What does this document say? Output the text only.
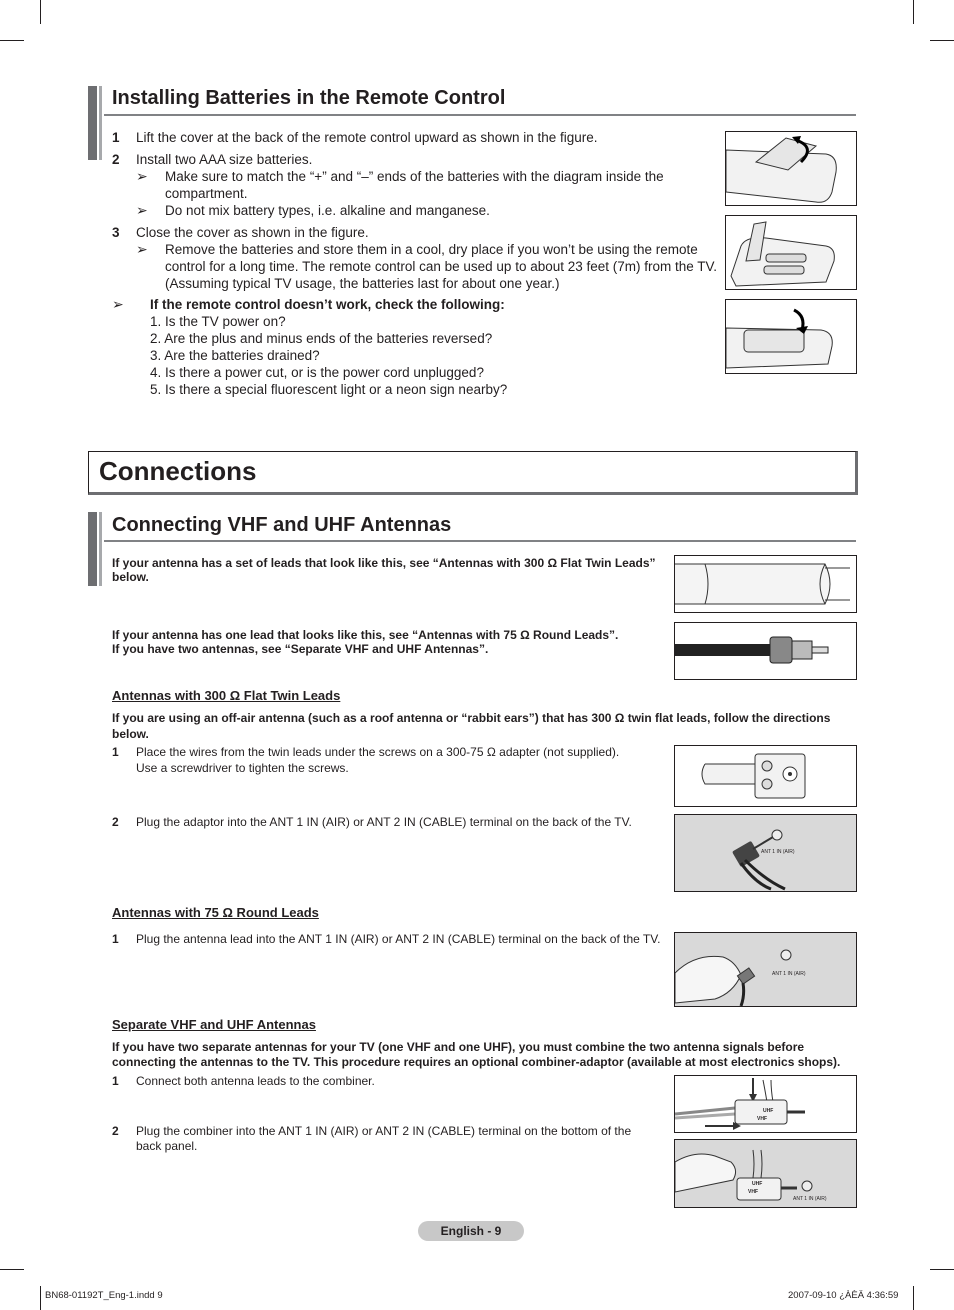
Installing Batteries in the Remote Control
1 Lift the cover at the back of the remote control upward as shown in the figure.
2 Install two AAA size batteries.
➢ Make sure to match the “+” and “–” ends of the batteries with the diagram inside the
compartment.
➢ Do not mix battery types, i.e. alkaline and manganese.
3 Close the cover as shown in the figure.
➢ Remove the batteries and store them in a cool, dry place if you won’t be using the remote
control for a long time. The remote control can be used up to about 23 feet (7m) from the TV.
(Assuming typical TV usage, the batteries last for about one year.)
➢ If the remote control doesn’t work, check the following:
1. Is the TV power on?
2. Are the plus and minus ends of the batteries reversed?
3. Are the batteries drained?
4. Is there a power cut, or is the power cord unplugged?
5. Is there a special fluorescent light or a neon sign nearby?
Connections
Connecting VHF and UHF Antennas
If your antenna has a set of leads that look like this, see “Antennas with 300 Ω Flat Twin Leads”
below.
If your antenna has one lead that looks like this, see “Antennas with 75 Ω Round Leads”.
If you have two antennas, see “Separate VHF and UHF Antennas”.
Antennas with 300 Ω Flat Twin Leads
If you are using an off-air antenna (such as a roof antenna or “rabbit ears”) that has 300 Ω twin flat leads, follow the directions
below.
1 Place the wires from the twin leads under the screws on a 300-75 Ω adapter (not supplied).
Use a screwdriver to tighten the screws.
2 Plug the adaptor into the ANT 1 IN (AIR) or ANT 2 IN (CABLE) terminal on the back of the TV.
ANT 1 IN (AIR)
Antennas with 75 Ω Round Leads
1 Plug the antenna lead into the ANT 1 IN (AIR) or ANT 2 IN (CABLE) terminal on the back of the TV.
ANT 1 IN (AIR)
Separate VHF and UHF Antennas
If you have two separate antennas for your TV (one VHF and one UHF), you must combine the two antenna signals before
connecting the antennas to the TV. This procedure requires an optional combiner-adaptor (available at most electronics shops).
1 Connect both antenna leads to the combiner.
UHF
VHF
2 Plug the combiner into the ANT 1 IN (AIR) or ANT 2 IN (CABLE) terminal on the bottom of the
back panel.
UHF
VHF
ANT 1 IN (AIR)
English - 9
BN68-01192T_Eng-1.indd 9	2007-09-10 ¿ÀÈÄ 4:36:59
